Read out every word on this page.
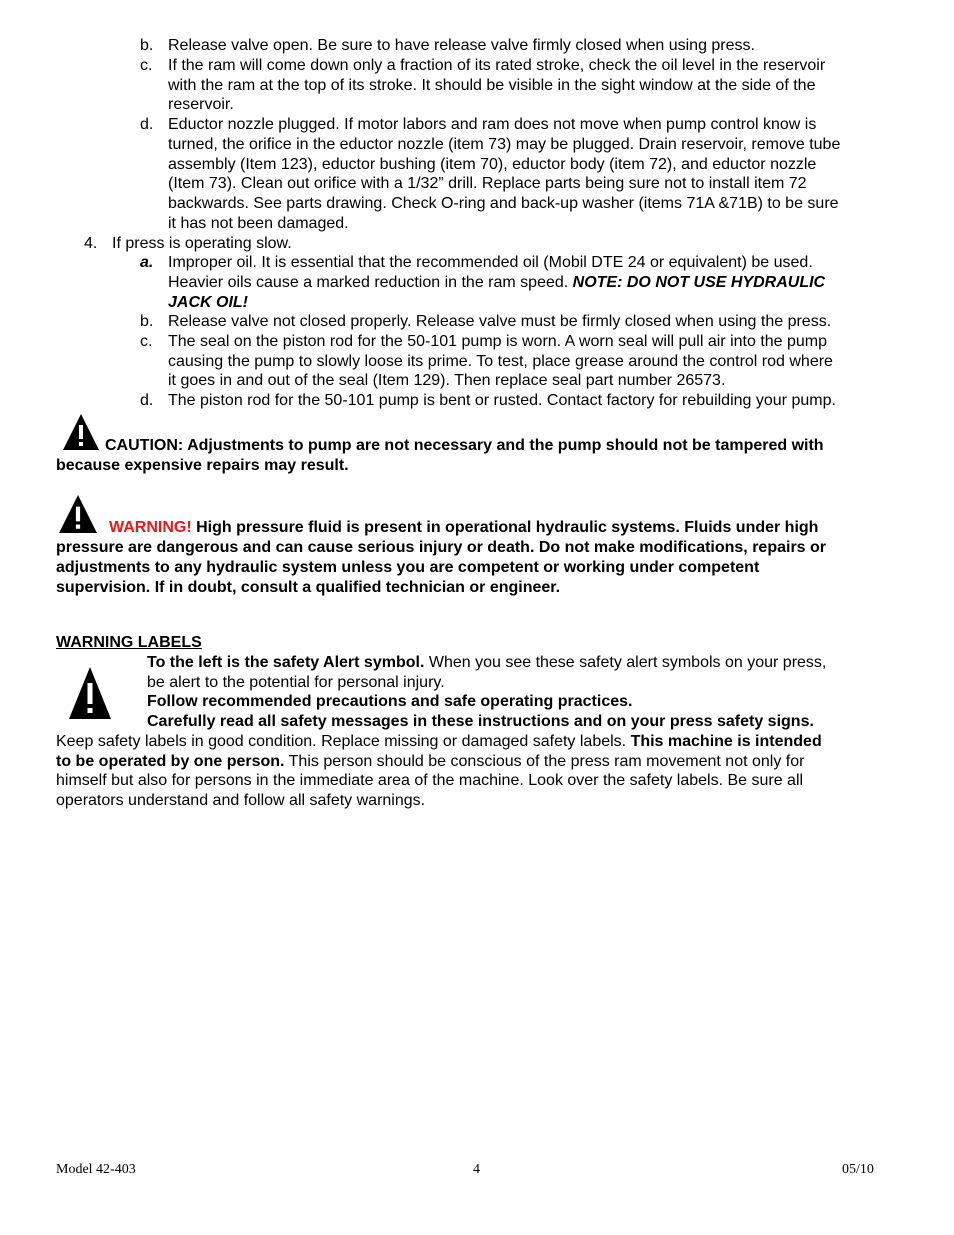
b. Release valve open. Be sure to have release valve firmly closed when using press.
c. If the ram will come down only a fraction of its rated stroke, check the oil level in the reservoir
with the ram at the top of its stroke. It should be visible in the sight window at the side of the
reservoir.
d. Eductor nozzle plugged. If motor labors and ram does not move when pump control know is
turned, the orifice in the eductor nozzle (item 73) may be plugged. Drain reservoir, remove tube
assembly (Item 123), eductor bushing (item 70), eductor body (item 72), and eductor nozzle
(Item 73). Clean out orifice with a 1/32” drill. Replace parts being sure not to install item 72
backwards. See parts drawing. Check O-ring and back-up washer (items 71A &71B) to be sure
it has not been damaged.
4. If press is operating slow.
a. Improper oil. It is essential that the recommended oil (Mobil DTE 24 or equivalent) be used.
Heavier oils cause a marked reduction in the ram speed. NOTE: DO NOT USE HYDRAULIC
JACK OIL!
b. Release valve not closed properly. Release valve must be firmly closed when using the press.
c. The seal on the piston rod for the 50-101 pump is worn. A worn seal will pull air into the pump
causing the pump to slowly loose its prime. To test, place grease around the control rod where
it goes in and out of the seal (Item 129). Then replace seal part number 26573.
d. The piston rod for the 50-101 pump is bent or rusted. Contact factory for rebuilding your pump.
CAUTION: Adjustments to pump are not necessary and the pump should not be tampered with
because expensive repairs may result.
WARNING! High pressure fluid is present in operational hydraulic systems. Fluids under high
pressure are dangerous and can cause serious injury or death. Do not make modifications, repairs or
adjustments to any hydraulic system unless you are competent or working under competent
supervision. If in doubt, consult a qualified technician or engineer.
WARNING LABELS
To the left is the safety Alert symbol. When you see these safety alert symbols on your press,
be alert to the potential for personal injury.
Follow recommended precautions and safe operating practices.
Carefully read all safety messages in these instructions and on your press safety signs.
Keep safety labels in good condition. Replace missing or damaged safety labels. This machine is intended
to be operated by one person. This person should be conscious of the press ram movement not only for
himself but also for persons in the immediate area of the machine. Look over the safety labels. Be sure all
operators understand and follow all safety warnings.
Model 42-403	4	05/10
